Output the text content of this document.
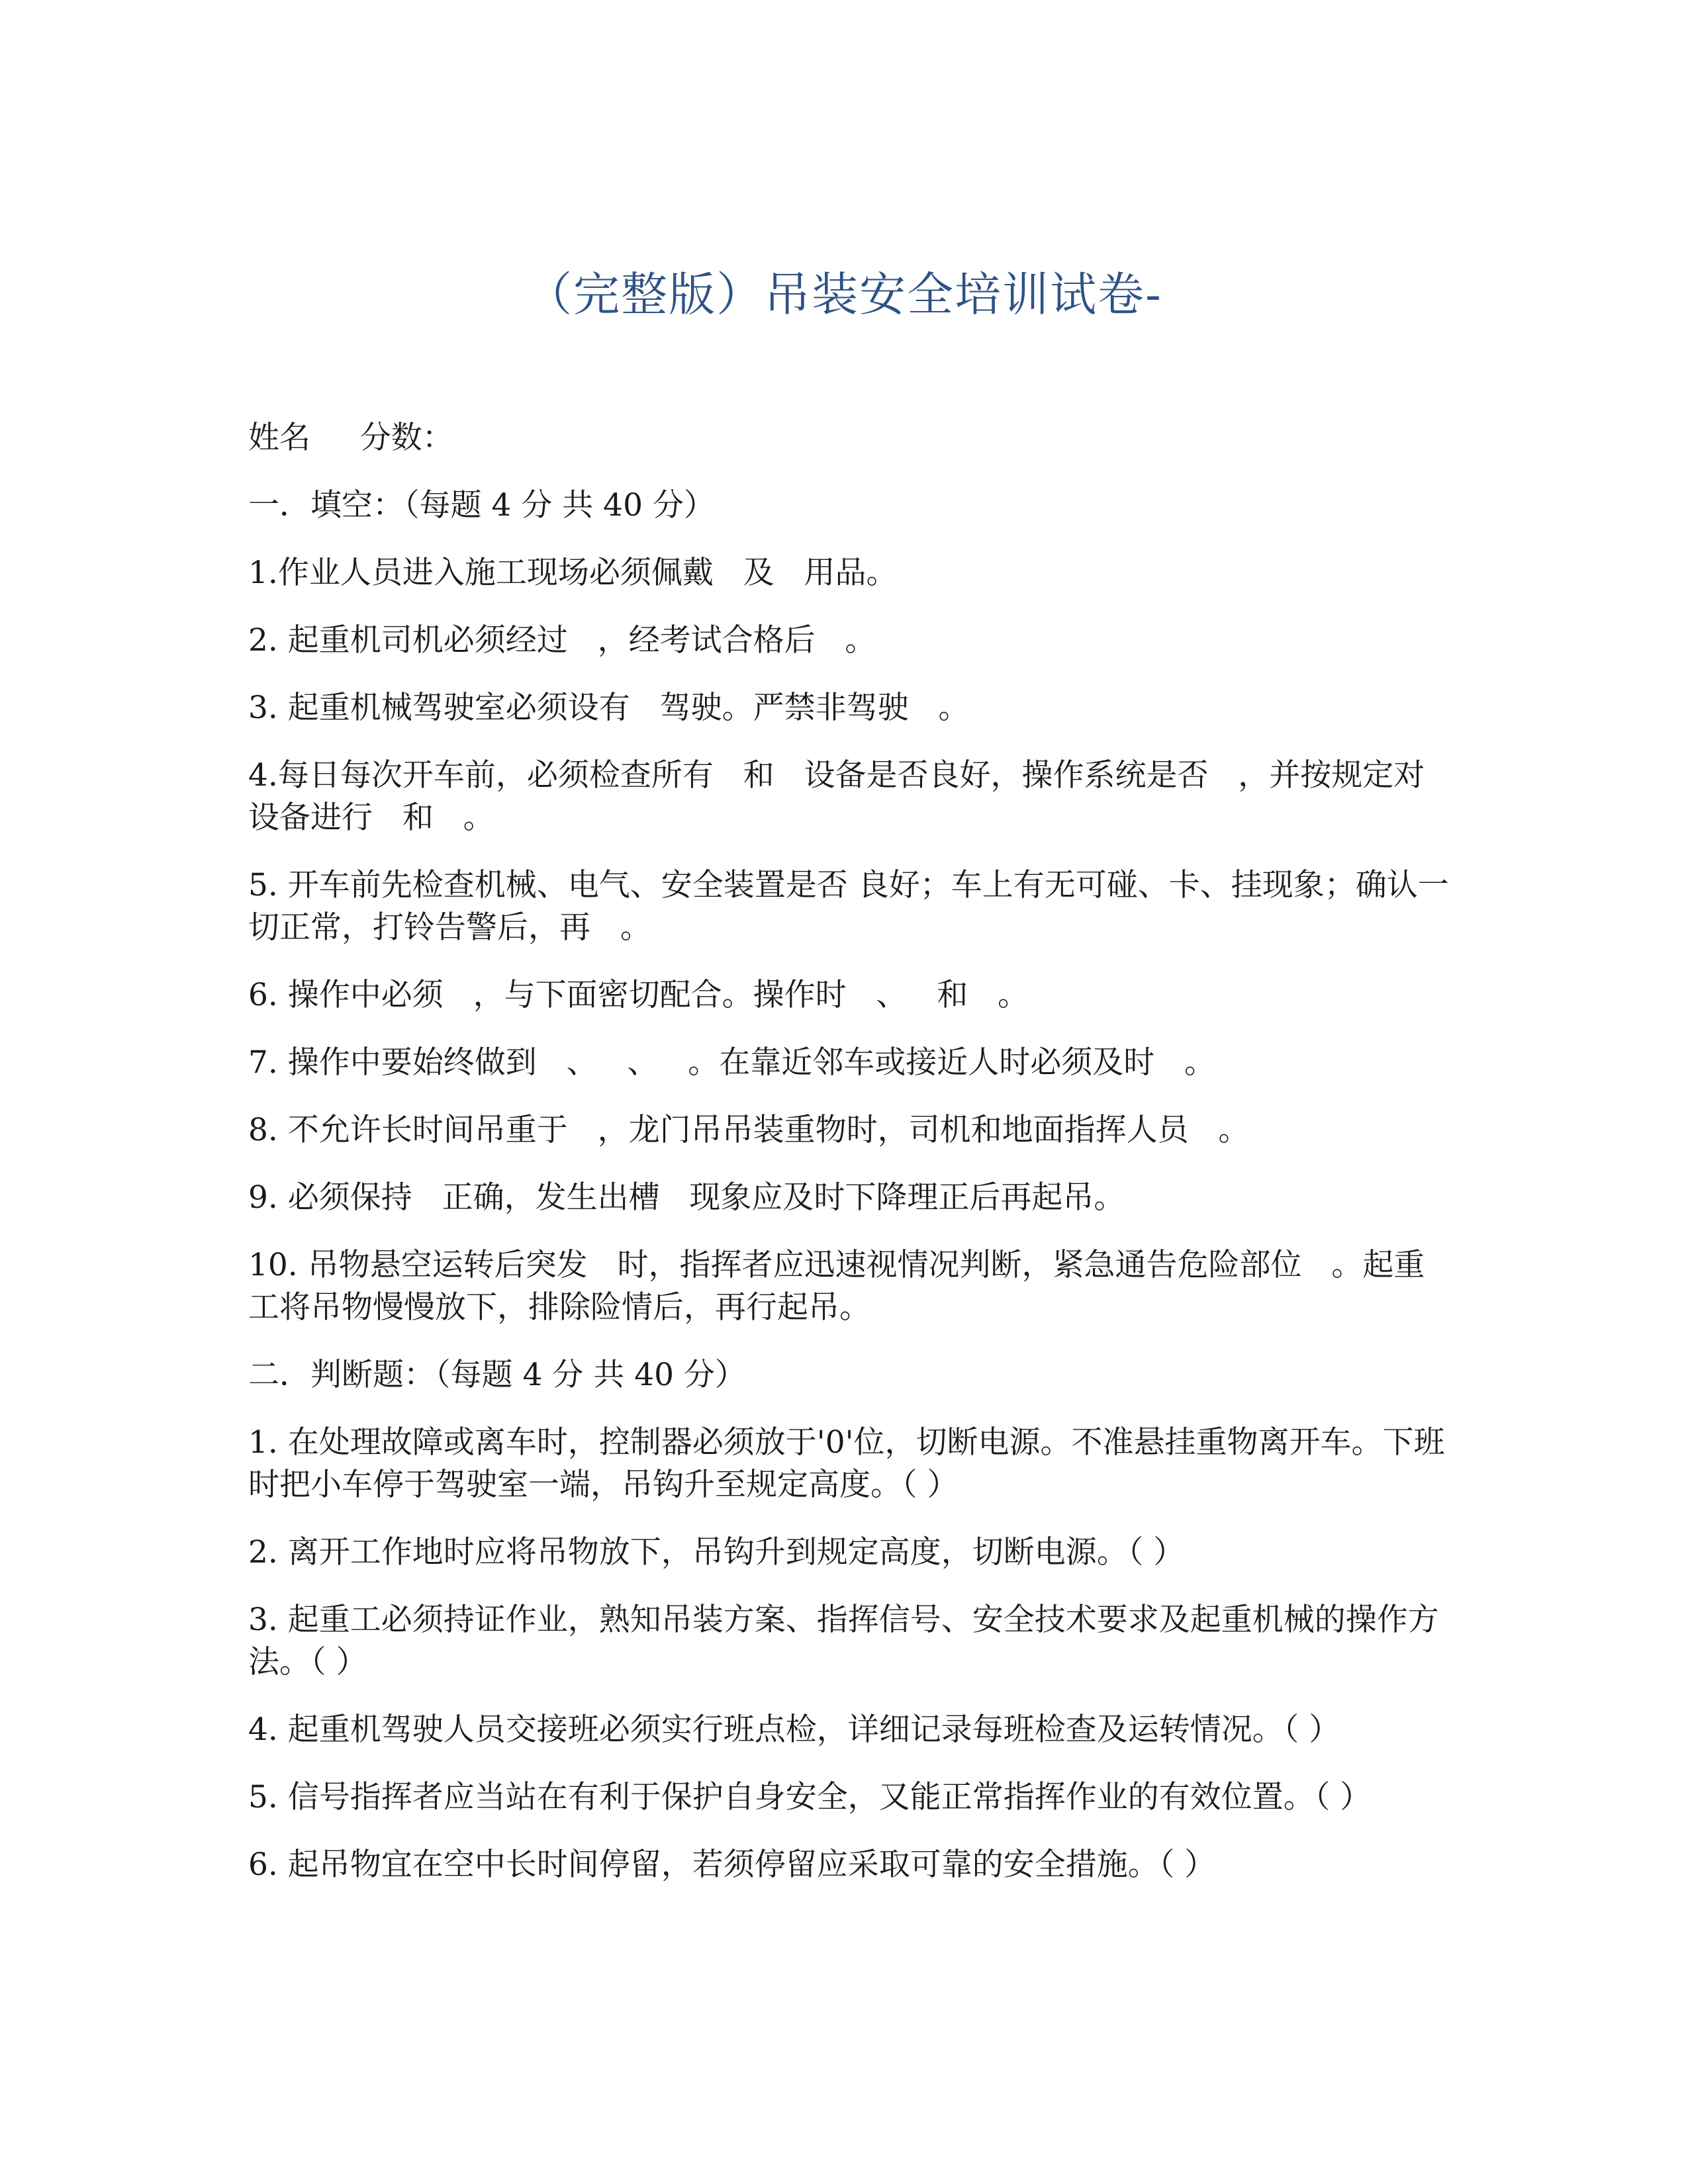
（完整版）吊装安全培训试卷-

姓名     分数：

一．填空：（每题 4 分 共 40 分）

1.作业人员进入施工现场必须佩戴   及   用品。

2. 起重机司机必须经过   ，经考试合格后   。

3. 起重机械驾驶室必须设有   驾驶。严禁非驾驶   。

4.每日每次开车前，必须检查所有   和   设备是否良好，操作系统是否   ，并按规定对设备进行   和   。

5. 开车前先检查机械、电气、安全装置是否 良好；车上有无可碰、卡、挂现象；确认一切正常，打铃告警后，再   。

6. 操作中必须   ，与下面密切配合。操作时   、   和   。

7. 操作中要始终做到   、   、   。在靠近邻车或接近人时必须及时   。

8. 不允许长时间吊重于   ，龙门吊吊装重物时，司机和地面指挥人员   。

9. 必须保持   正确，发生出槽   现象应及时下降理正后再起吊。

10. 吊物悬空运转后突发   时，指挥者应迅速视情况判断，紧急通告危险部位   。起重工将吊物慢慢放下，排除险情后，再行起吊。

二．判断题：（每题 4 分 共 40 分）

1. 在处理故障或离车时，控制器必须放于'0'位，切断电源。不准悬挂重物离开车。下班时把小车停于驾驶室一端，吊钩升至规定高度。（ ）

2. 离开工作地时应将吊物放下，吊钩升到规定高度，切断电源。（ ）

3. 起重工必须持证作业，熟知吊装方案、指挥信号、安全技术要求及起重机械的操作方法。（ ）

4. 起重机驾驶人员交接班必须实行班点检，详细记录每班检查及运转情况。（ ）

5. 信号指挥者应当站在有利于保护自身安全，又能正常指挥作业的有效位置。（ ）

6. 起吊物宜在空中长时间停留，若须停留应采取可靠的安全措施。（ ）
